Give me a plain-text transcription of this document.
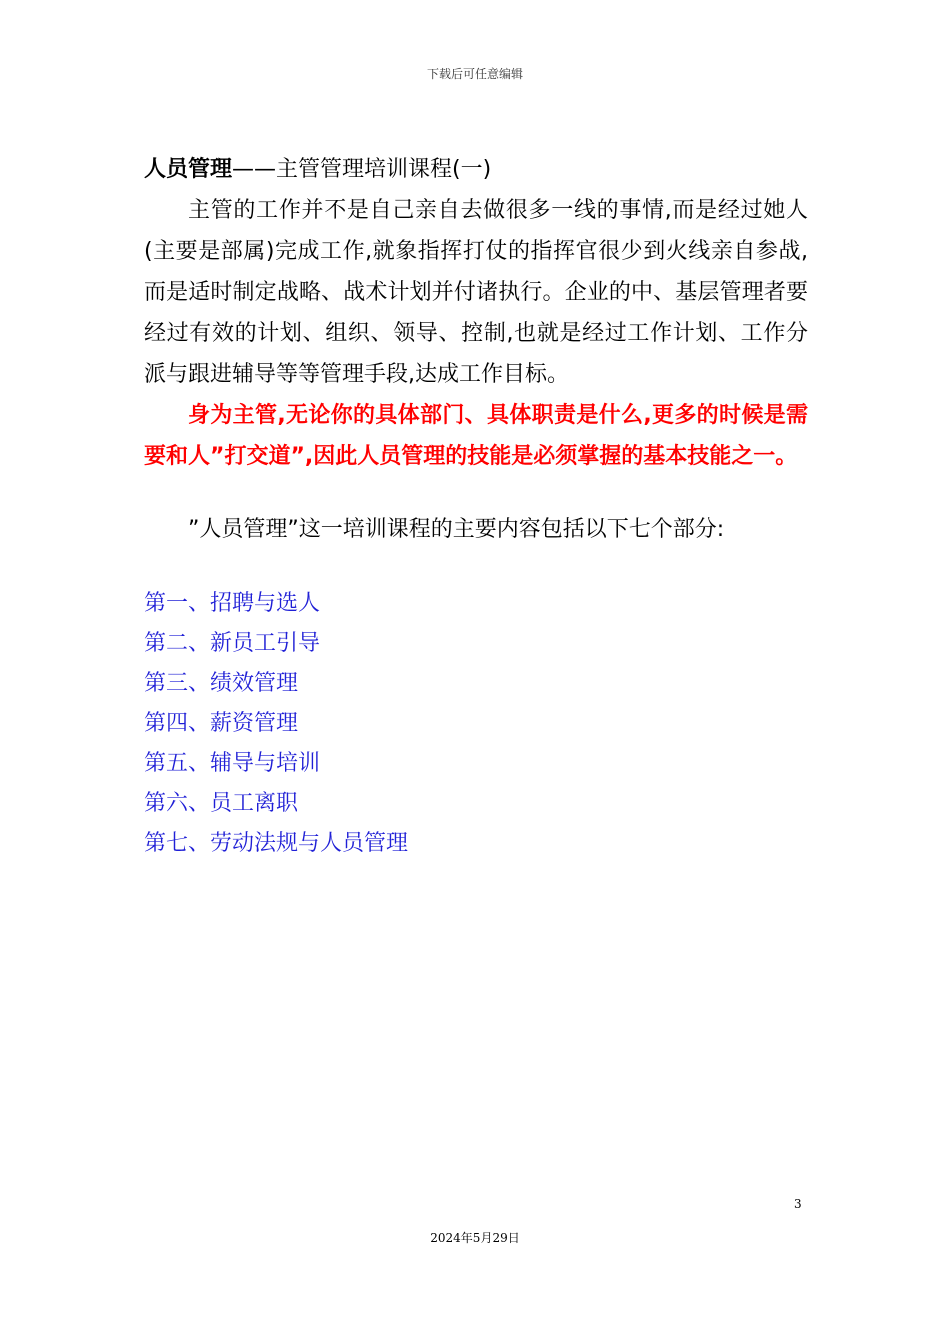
下载后可任意编辑
人员管理——主管管理培训课程(一)

主管的工作并不是自己亲自去做很多一线的事情,而是经过她人(主要是部属)完成工作,就象指挥打仗的指挥官很少到火线亲自参战,而是适时制定战略、战术计划并付诸执行。企业的中、基层管理者要经过有效的计划、组织、领导、控制,也就是经过工作计划、工作分派与跟进辅导等等管理手段,达成工作目标。

身为主管,无论你的具体部门、具体职责是什么,更多的时候是需要和人”打交道”,因此人员管理的技能是必须掌握的基本技能之一。

”人员管理”这一培训课程的主要内容包括以下七个部分:

第一、招聘与选人
第二、新员工引导
第三、绩效管理
第四、薪资管理
第五、辅导与培训
第六、员工离职
第七、劳动法规与人员管理
3
2024年5月29日
